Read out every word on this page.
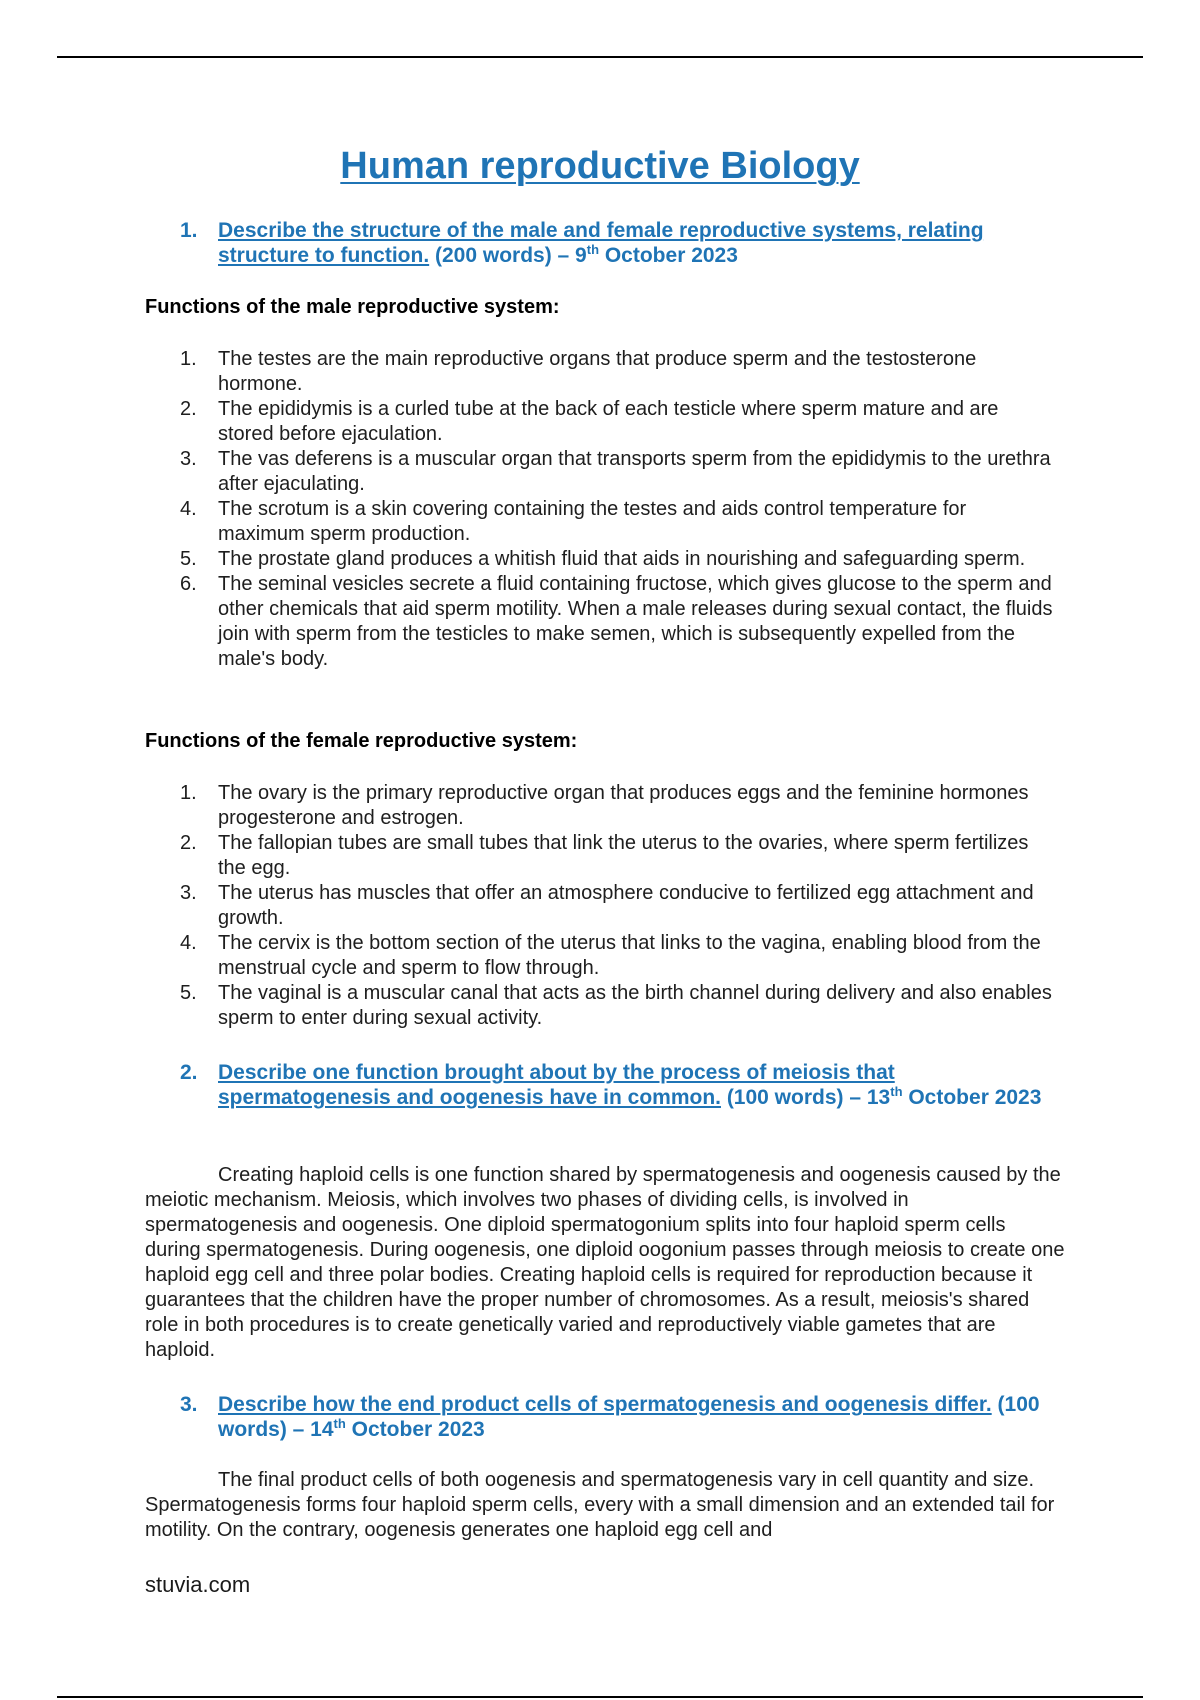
Human reproductive Biology
1. Describe the structure of the male and female reproductive systems, relating structure to function. (200 words) – 9th October 2023

Functions of the male reproductive system:

1. The testes are the main reproductive organs that produce sperm and the testosterone hormone.
2. The epididymis is a curled tube at the back of each testicle where sperm mature and are stored before ejaculation.
3. The vas deferens is a muscular organ that transports sperm from the epididymis to the urethra after ejaculating.
4. The scrotum is a skin covering containing the testes and aids control temperature for maximum sperm production.
5. The prostate gland produces a whitish fluid that aids in nourishing and safeguarding sperm.
6. The seminal vesicles secrete a fluid containing fructose, which gives glucose to the sperm and other chemicals that aid sperm motility. When a male releases during sexual contact, the fluids join with sperm from the testicles to make semen, which is subsequently expelled from the male's body.

Functions of the female reproductive system:

1. The ovary is the primary reproductive organ that produces eggs and the feminine hormones progesterone and estrogen.
2. The fallopian tubes are small tubes that link the uterus to the ovaries, where sperm fertilizes the egg.
3. The uterus has muscles that offer an atmosphere conducive to fertilized egg attachment and growth.
4. The cervix is the bottom section of the uterus that links to the vagina, enabling blood from the menstrual cycle and sperm to flow through.
5. The vaginal is a muscular canal that acts as the birth channel during delivery and also enables sperm to enter during sexual activity.
2. Describe one function brought about by the process of meiosis that spermatogenesis and oogenesis have in common. (100 words) – 13th October 2023

Creating haploid cells is one function shared by spermatogenesis and oogenesis caused by the meiotic mechanism. Meiosis, which involves two phases of dividing cells, is involved in spermatogenesis and oogenesis. One diploid spermatogonium splits into four haploid sperm cells during spermatogenesis. During oogenesis, one diploid oogonium passes through meiosis to create one haploid egg cell and three polar bodies. Creating haploid cells is required for reproduction because it guarantees that the children have the proper number of chromosomes. As a result, meiosis's shared role in both procedures is to create genetically varied and reproductively viable gametes that are haploid.

3. Describe how the end product cells of spermatogenesis and oogenesis differ. (100 words) – 14th October 2023

The final product cells of both oogenesis and spermatogenesis vary in cell quantity and size. Spermatogenesis forms four haploid sperm cells, every with a small dimension and an extended tail for motility. On the contrary, oogenesis generates one haploid egg cell and

stuvia.com
